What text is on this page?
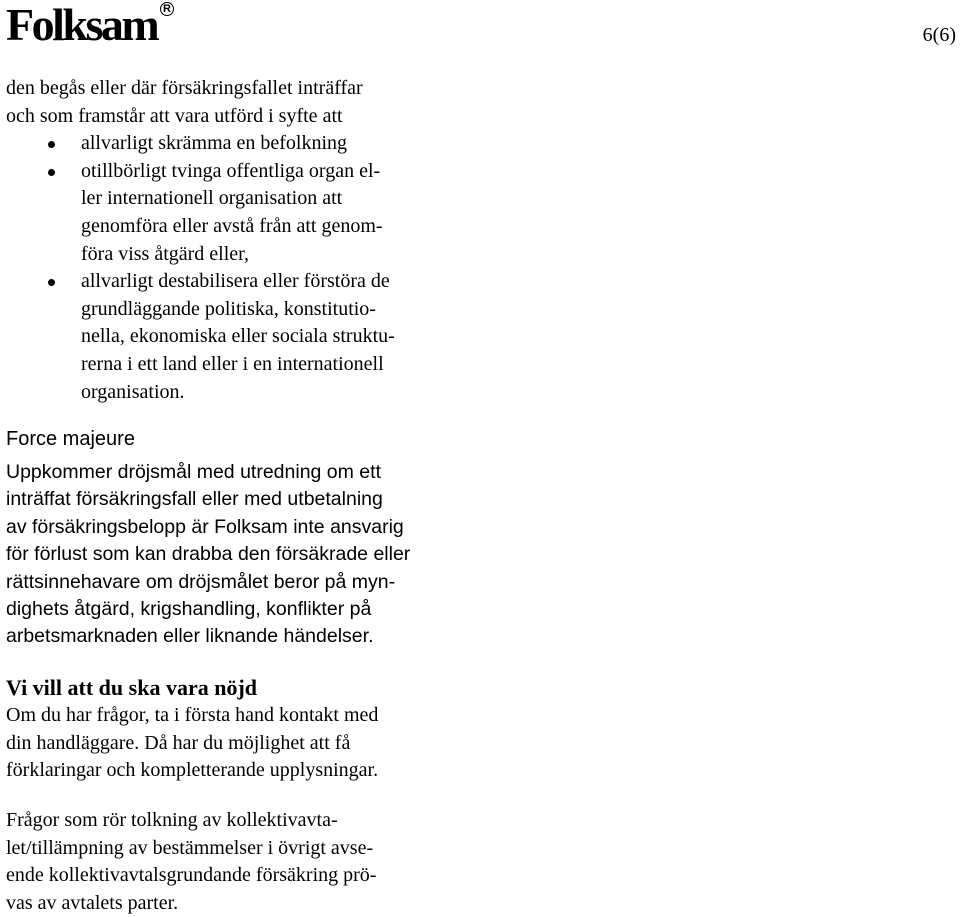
Folksam R
6(6)
den begås eller där försäkringsfallet inträffar
och som framstår att vara utförd i syfte att
allvarligt skrämma en befolkning
otillbörligt tvinga offentliga organ el-
ler internationell organisation att
genomföra eller avstå från att genom-
föra viss åtgärd eller,
allvarligt destabilisera eller förstöra de
grundläggande politiska, konstitutio-
nella, ekonomiska eller sociala struktu-
rerna i ett land eller i en internationell
organisation.
Force majeure
Uppkommer dröjsmål med utredning om ett
inträffat försäkringsfall eller med utbetalning
av försäkringsbelopp är Folksam inte ansvarig
för förlust som kan drabba den försäkrade eller
rättsinnehavare om dröjsmålet beror på myn-
dighets åtgärd, krigshandling, konflikter på
arbetsmarknaden eller liknande händelser.
Vi vill att du ska vara nöjd
Om du har frågor, ta i första hand kontakt med
din handläggare. Då har du möjlighet att få
förklaringar och kompletterande upplysningar.
Frågor som rör tolkning av kollektivavta-
let/tillämpning av bestämmelser i övrigt avse-
ende kollektivavtalsgrundande försäkring prö-
vas av avtalets parter.
